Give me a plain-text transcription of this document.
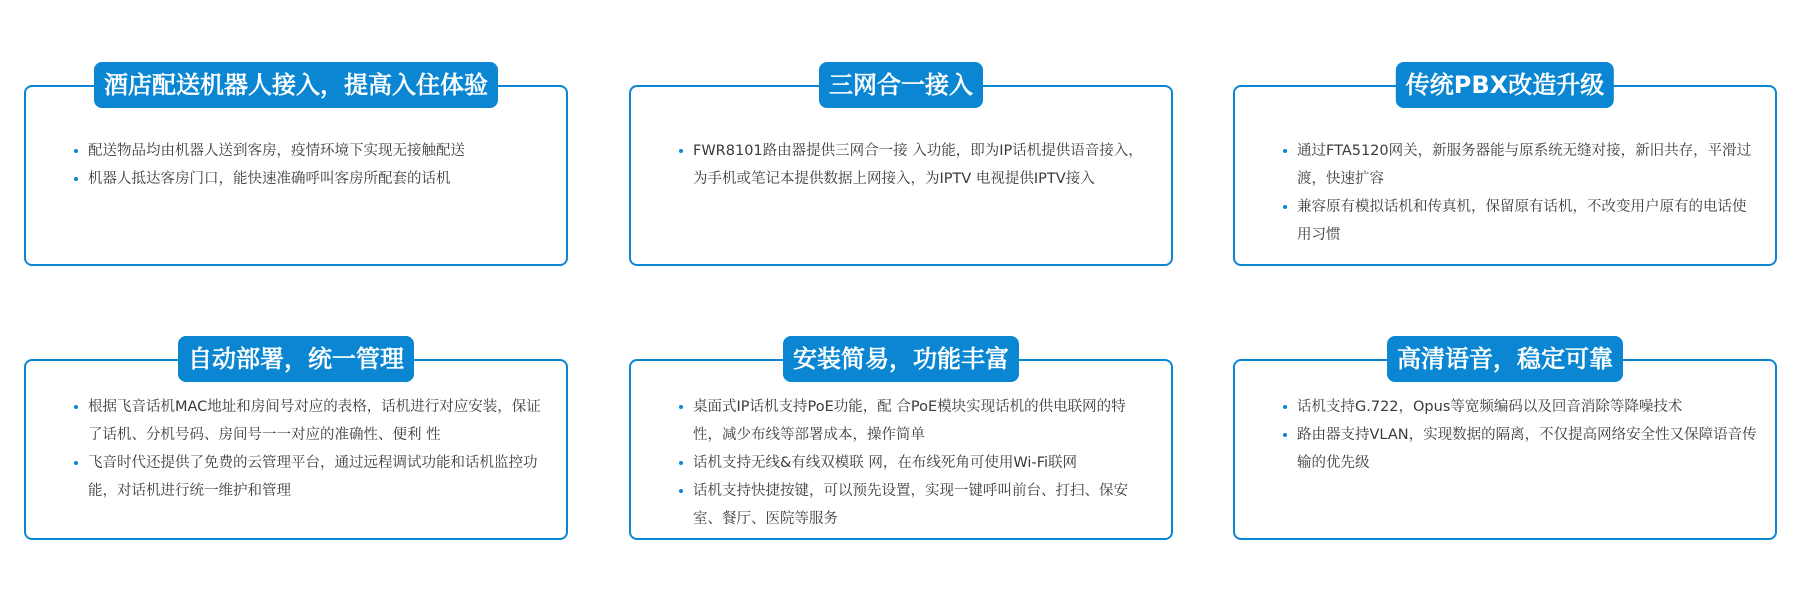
酒店配送机器人接入，提高入住体验
配送物品均由机器人送到客房，疫情环境下实现无接触配送
机器人抵达客房门口，能快速准确呼叫客房所配套的话机
三网合一接入
FWR8101路由器提供三网合一接 入功能，即为IP话机提供语音接入，为手机或笔记本提供数据上网接入，为IPTV 电视提供IPTV接入
传统PBX改造升级
通过FTA5120网关，新服务器能与原系统无缝对接，新旧共存，平滑过渡，快速扩容
兼容原有模拟话机和传真机，保留原有话机，不改变用户原有的电话使用习惯
自动部署，统一管理
根据飞音话机MAC地址和房间号对应的表格，话机进行对应安装，保证了话机、分机号码、房间号一一对应的准确性、便利 性
飞音时代还提供了免费的云管理平台，通过远程调试功能和话机监控功能，对话机进行统一维护和管理
安装简易，功能丰富
桌面式IP话机支持PoE功能，配 合PoE模块实现话机的供电联网的特性，减少布线等部署成本，操作简单
话机支持无线&有线双模联 网，在布线死角可使用Wi-Fi联网
话机支持快捷按键，可以预先设置，实现一键呼叫前台、打扫、保安室、餐厅、医院等服务
高清语音，稳定可靠
话机支持G.722，Opus等宽频编码以及回音消除等降噪技术
路由器支持VLAN，实现数据的隔离，不仅提高网络安全性又保障语音传输的优先级
